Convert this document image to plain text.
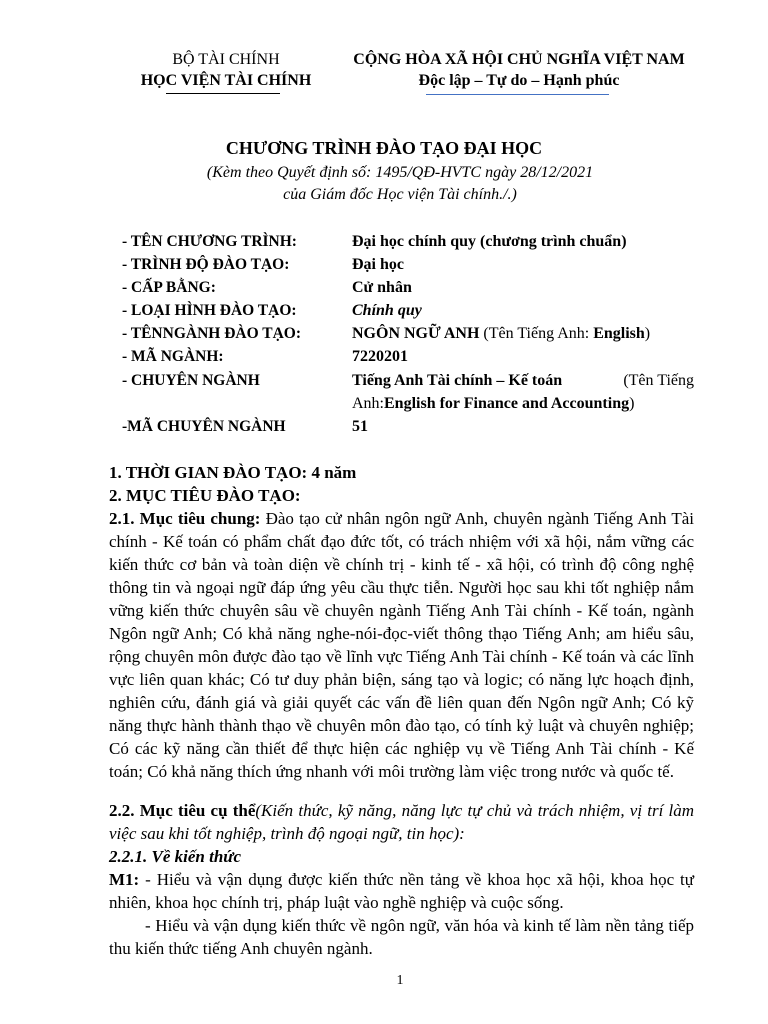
BỘ TÀI CHÍNH
HỌC VIỆN TÀI CHÍNH
CỘNG HÒA XÃ HỘI CHỦ NGHĨA VIỆT NAM
Độc lập – Tự do – Hạnh phúc
CHƯƠNG TRÌNH ĐÀO TẠO ĐẠI HỌC
(Kèm theo Quyết định số: 1495/QĐ-HVTC ngày 28/12/2021
của Giám đốc Học viện Tài chính./.)
- TÊN CHƯƠNG TRÌNH:	Đại học chính quy (chương trình chuẩn)
- TRÌNH ĐỘ ĐÀO TẠO:	Đại học
- CẤP BẰNG:	Cử nhân
- LOẠI HÌNH ĐÀO TẠO:	Chính quy
- TÊNNGÀNH ĐÀO TẠO:	NGÔN NGỮ ANH (Tên Tiếng Anh: English)
- MÃ NGÀNH:	7220201
- CHUYÊN NGÀNH	Tiếng Anh Tài chính – Kế toán	(Tên Tiếng
Anh:English for Finance and Accounting)
-MÃ CHUYÊN NGÀNH	51
1. THỜI GIAN ĐÀO TẠO: 4 năm
2. MỤC TIÊU ĐÀO TẠO:
2.1. Mục tiêu chung: Đào tạo cử nhân ngôn ngữ Anh, chuyên ngành Tiếng Anh Tài chính - Kế toán có phẩm chất đạo đức tốt, có trách nhiệm với xã hội, nắm vững các kiến thức cơ bản và toàn diện về chính trị - kinh tế - xã hội, có trình độ công nghệ thông tin và ngoại ngữ đáp ứng yêu cầu thực tiễn. Người học sau khi tốt nghiệp nắm vững kiến thức chuyên sâu về chuyên ngành Tiếng Anh Tài chính - Kế toán, ngành Ngôn ngữ Anh; Có khả năng nghe-nói-đọc-viết thông thạo Tiếng Anh; am hiểu sâu, rộng chuyên môn được đào tạo về lĩnh vực Tiếng Anh Tài chính - Kế toán và các lĩnh vực liên quan khác; Có tư duy phản biện, sáng tạo và logic; có năng lực hoạch định, nghiên cứu, đánh giá và giải quyết các vấn đề liên quan đến Ngôn ngữ Anh; Có kỹ năng thực hành thành thạo về chuyên môn đào tạo, có tính kỷ luật và chuyên nghiệp; Có các kỹ năng cần thiết để thực hiện các nghiệp vụ về Tiếng Anh Tài chính - Kế toán; Có khả năng thích ứng nhanh với môi trường làm việc trong nước và quốc tế.
2.2. Mục tiêu cụ thể(Kiến thức, kỹ năng, năng lực tự chủ và trách nhiệm, vị trí làm việc sau khi tốt nghiệp, trình độ ngoại ngữ, tin học):
2.2.1. Về kiến thức
M1: - Hiểu và vận dụng được kiến thức nền tảng về khoa học xã hội, khoa học tự nhiên, khoa học chính trị, pháp luật vào nghề nghiệp và cuộc sống.
- Hiểu và vận dụng kiến thức về ngôn ngữ, văn hóa và kinh tế làm nền tảng tiếp thu kiến thức tiếng Anh chuyên ngành.
1
